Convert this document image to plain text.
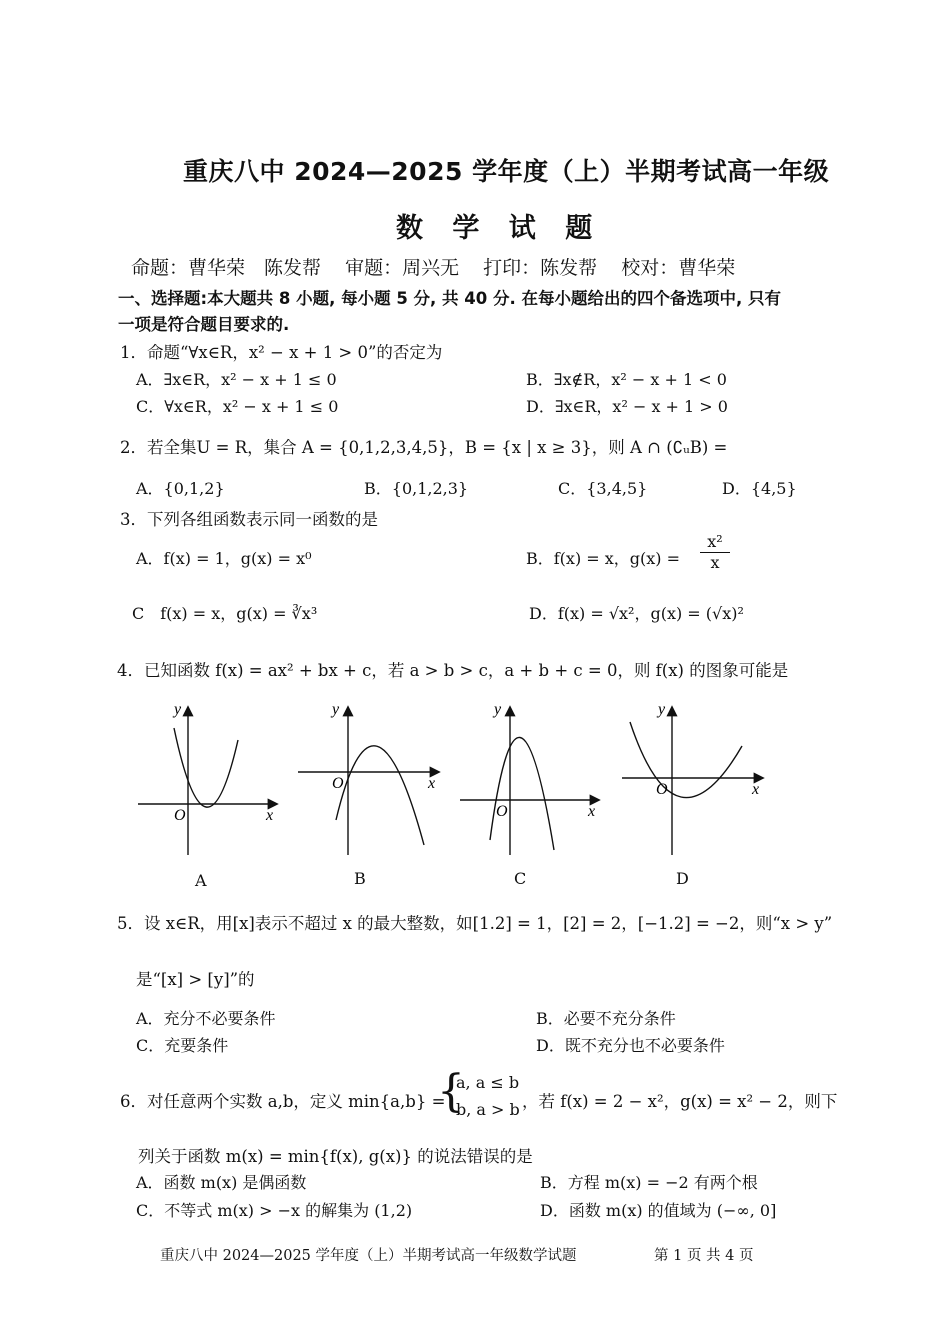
重庆八中 2024—2025 学年度（上）半期考试高一年级
数 学 试 题
命题：曹华荣　陈发帮 审题：周兴无 打印：陈发帮 校对：曹华荣
一、选择题:本大题共 8 小题, 每小题 5 分, 共 40 分. 在每小题给出的四个备选项中, 只有
一项是符合题目要求的.
1．命题“∀x∈R，x² − x + 1 > 0”的否定为
A．∃x∈R，x² − x + 1 ≤ 0	B．∃x∉R，x² − x + 1 < 0
C．∀x∈R，x² − x + 1 ≤ 0	D．∃x∈R，x² − x + 1 > 0
2．若全集U = R，集合 A = {0,1,2,3,4,5}，B = {x | x ≥ 3}，则 A ∩ (∁ᵤB) =
A．{0,1,2}	B．{0,1,2,3}	C．{3,4,5}	D．{4,5}
3．下列各组函数表示同一函数的是
A．f(x) = 1，g(x) = x⁰	B．f(x) = x，$g(x) = \frac{\text{x²}}{x}$
C　f(x) = x，g(x) = ∛x³	D．f(x) = √x²，g(x) = (√x)²
4．已知函数 f(x) = ax² + bx + c，若 a > b > c，a + b + c = 0，则 f(x) 的图象可能是
y
x
O
y
x
O
y
x
O
y
x
O
A	B	C	D
5．设 x∈R，用[x]表示不超过 x 的最大整数，如[1.2] = 1，[2] = 2，[−1.2] = −2，则“x > y”
是“[x] > [y]”的
A．充分不必要条件	B．必要不充分条件
C．充要条件	D．既不充分也不必要条件
6．对任意两个实数 a,b，定义 min{a,b} =
{
a, a ≤ b
b, a > b ，若 f(x) = 2 − x²，g(x) = x² − 2，则下
列关于函数 m(x) = min{f(x), g(x)} 的说法错误的是
A．函数 m(x) 是偶函数	B．方程 m(x) = −2 有两个根
C．不等式 m(x) > −x 的解集为 (1,2)	D．函数 m(x) 的值域为 (−∞, 0]
重庆八中 2024—2025 学年度（上）半期考试高一年级数学试题	第 1 页 共 4 页
